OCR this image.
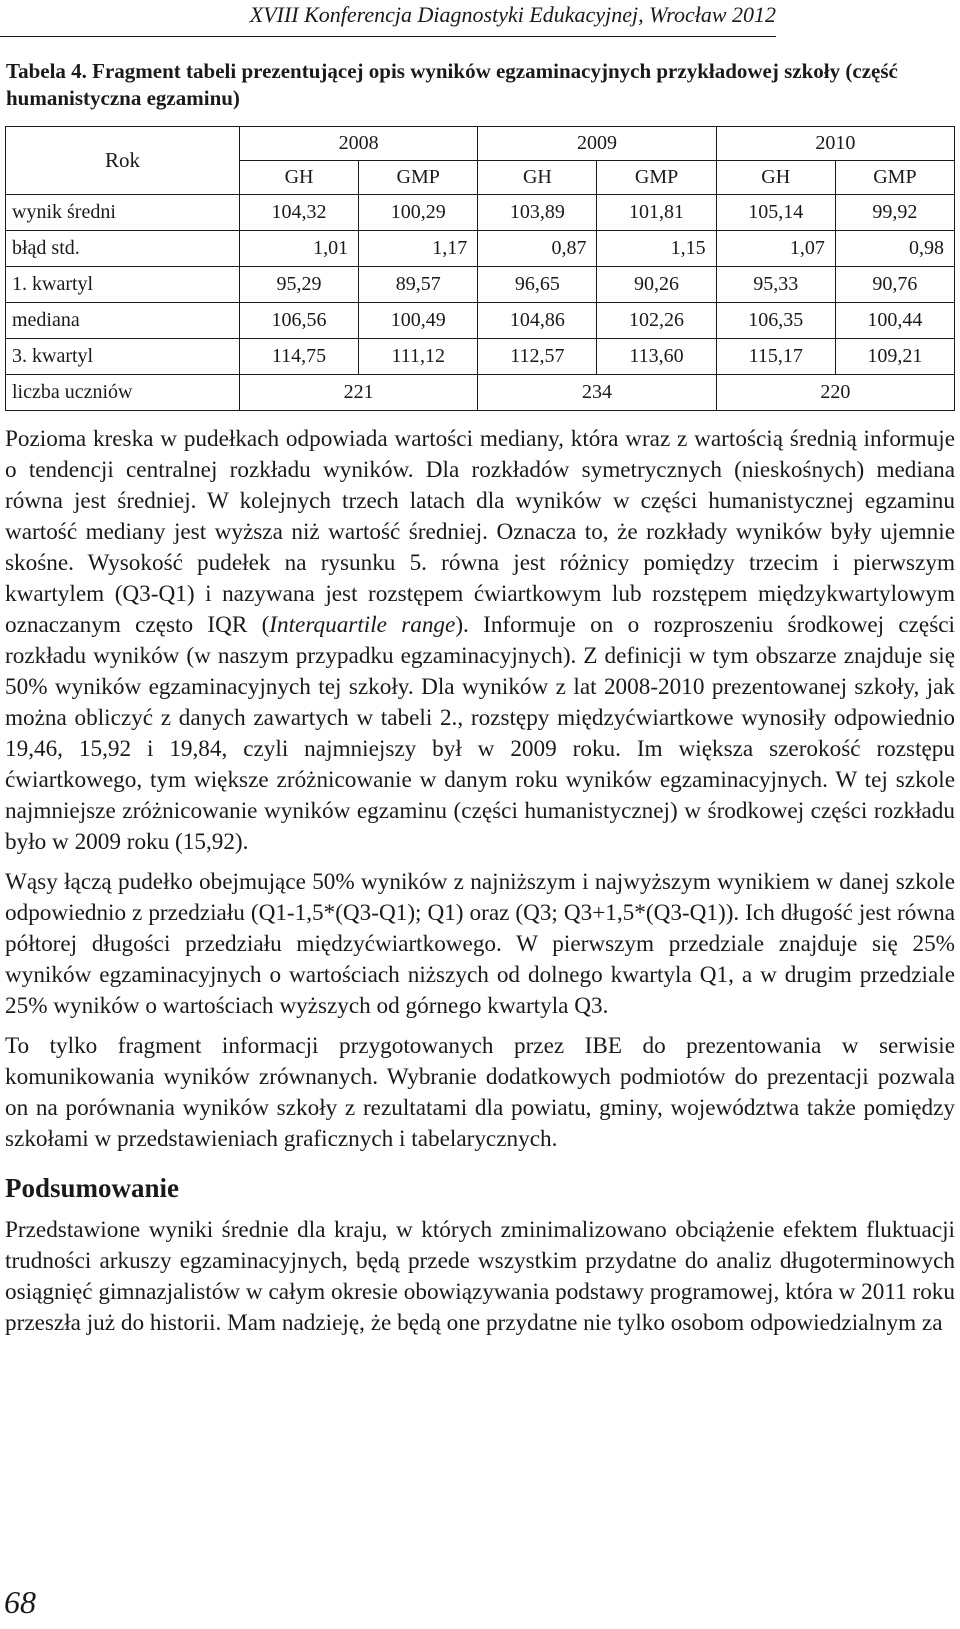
XVIII Konferencja Diagnostyki Edukacyjnej, Wrocław 2012
Tabela 4. Fragment tabeli prezentującej opis wyników egzaminacyjnych przykładowej szkoły (część humanistyczna egzaminu)
Rok	2008		2009		2010	
	GH	GMP	GH	GMP	GH	GMP
wynik średni	104,32	100,29	103,89	101,81	105,14	99,92
błąd std.	1,01	1,17	0,87	1,15	1,07	0,98
1. kwartyl	95,29	89,57	96,65	90,26	95,33	90,76
mediana	106,56	100,49	104,86	102,26	106,35	100,44
3. kwartyl	114,75	111,12	112,57	113,60	115,17	109,21
liczba uczniów	221		234		220	

Pozioma kreska w pudełkach odpowiada wartości mediany, która wraz z wartością średnią informuje o tendencji centralnej rozkładu wyników. Dla rozkładów symetrycznych (nieskośnych) mediana równa jest średniej. W kolejnych trzech latach dla wyników w części humanistycznej egzaminu wartość mediany jest wyższa niż wartość średniej. Oznacza to, że rozkłady wyników były ujemnie skośne. Wysokość pudełek na rysunku 5. równa jest różnicy pomiędzy trzecim i pierwszym kwartylem (Q3-Q1) i nazywana jest rozstępem ćwiartkowym lub rozstępem międzykwartylowym oznaczanym często IQR (Interquartile range). Informuje on o rozproszeniu środkowej części rozkładu wyników (w naszym przypadku egzaminacyjnych). Z definicji w tym obszarze znajduje się 50% wyników egzaminacyjnych tej szkoły. Dla wyników z lat 2008-2010 prezentowanej szkoły, jak można obliczyć z danych zawartych w tabeli 2., rozstępy międzyćwiartkowe wynosiły odpowiednio 19,46, 15,92 i 19,84, czyli najmniejszy był w 2009 roku. Im większa szerokość rozstępu ćwiartkowego, tym większe zróżnicowanie w danym roku wyników egzaminacyjnych. W tej szkole najmniejsze zróżnicowanie wyników egzaminu (części humanistycznej) w środkowej części rozkładu było w 2009 roku (15,92).

Wąsy łączą pudełko obejmujące 50% wyników z najniższym i najwyższym wynikiem w danej szkole odpowiednio z przedziału (Q1-1,5*(Q3-Q1); Q1) oraz (Q3; Q3+1,5*(Q3-Q1)). Ich długość jest równa półtorej długości przedziału międzyćwiartkowego. W pierwszym przedziale znajduje się 25% wyników egzaminacyjnych o wartościach niższych od dolnego kwartyla Q1, a w drugim przedziale 25% wyników o wartościach wyższych od górnego kwartyla Q3.

To tylko fragment informacji przygotowanych przez IBE do prezentowania w serwisie komunikowania wyników zrównanych. Wybranie dodatkowych podmiotów do prezentacji pozwala on na porównania wyników szkoły z rezultatami dla powiatu, gminy, województwa także pomiędzy szkołami w przedstawieniach graficznych i tabelarycznych.

Podsumowanie

Przedstawione wyniki średnie dla kraju, w których zminimalizowano obciążenie efektem fluktuacji trudności arkuszy egzaminacyjnych, będą przede wszystkim przydatne do analiz długoterminowych osiągnięć gimnazjalistów w całym okresie obowiązywania podstawy programowej, która w 2011 roku przeszła już do historii. Mam nadzieję, że będą one przydatne nie tylko osobom odpowiedzialnym za

68
